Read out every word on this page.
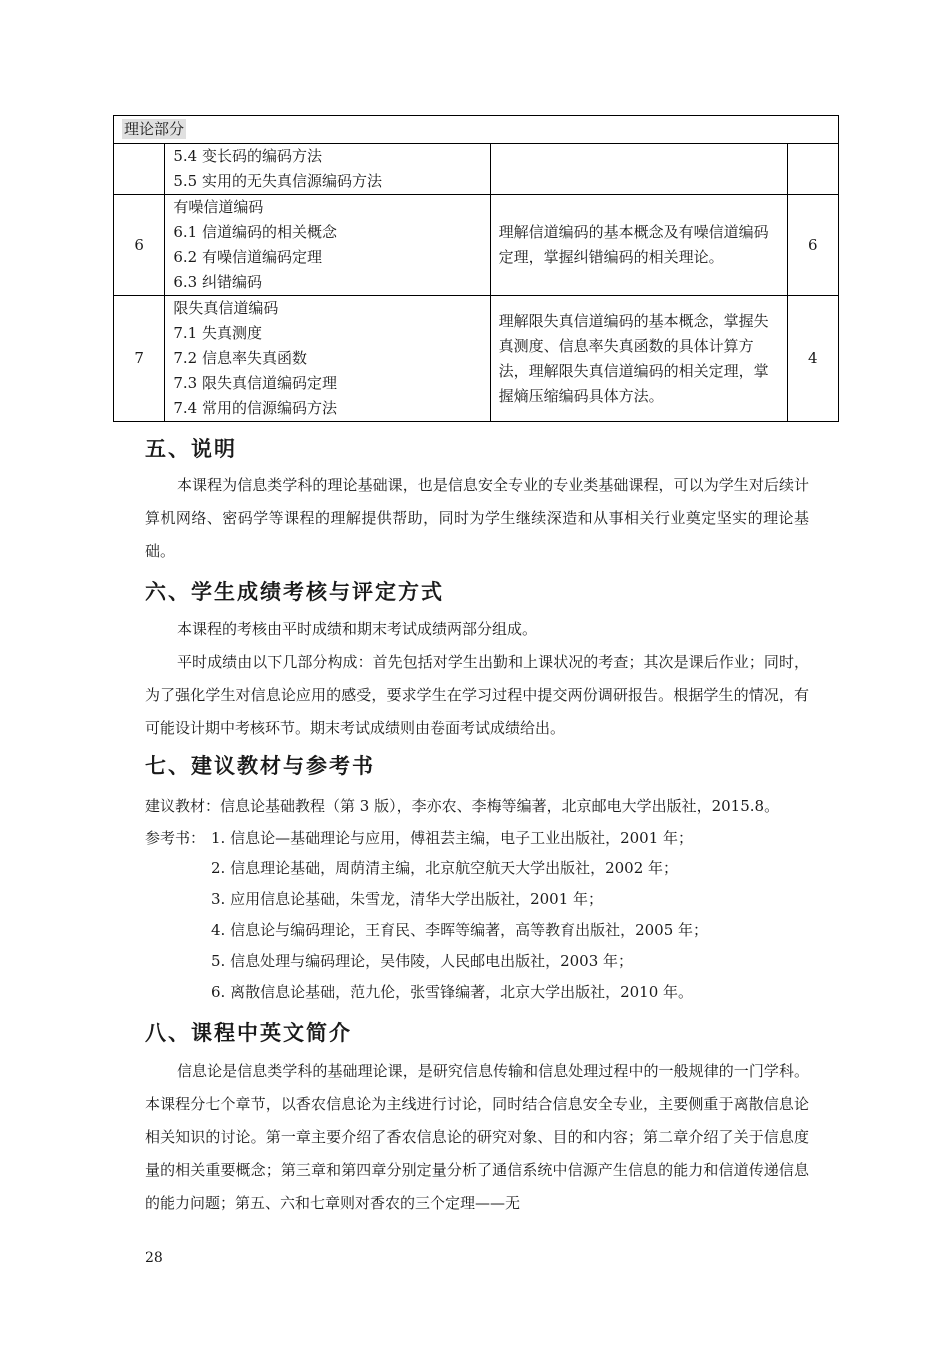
理论部分			

	5.4 变长码的编码方法
5.5 实用的无失真信源编码方法		

6	有噪信道编码
6.1 信道编码的相关概念
6.2 有噪信道编码定理
6.3 纠错编码	理解信道编码的基本概念及有噪信道编码定理，掌握纠错编码的相关理论。	6
7	限失真信道编码
7.1 失真测度
7.2 信息率失真函数
7.3 限失真信道编码定理
7.4 常用的信源编码方法	理解限失真信道编码的基本概念，掌握失真测度、信息率失真函数的具体计算方法，理解限失真信道编码的相关定理，掌握熵压缩编码具体方法。	4
五、说明
本课程为信息类学科的理论基础课，也是信息安全专业的专业类基础课程，可以为学生对后续计算机网络、密码学等课程的理解提供帮助，同时为学生继续深造和从事相关行业奠定坚实的理论基础。
六、学生成绩考核与评定方式
本课程的考核由平时成绩和期末考试成绩两部分组成。
平时成绩由以下几部分构成：首先包括对学生出勤和上课状况的考查；其次是课后作业；同时，为了强化学生对信息论应用的感受，要求学生在学习过程中提交两份调研报告。根据学生的情况，有可能设计期中考核环节。期末考试成绩则由卷面考试成绩给出。
七、建议教材与参考书
建议教材：信息论基础教程（第 3 版），李亦农、李梅等编著，北京邮电大学出版社，2015.8。
参考书： 1. 信息论—基础理论与应用，傅祖芸主编，电子工业出版社，2001 年；
2. 信息理论基础，周荫清主编，北京航空航天大学出版社，2002 年；
3. 应用信息论基础，朱雪龙，清华大学出版社，2001 年；
4. 信息论与编码理论，王育民、李晖等编著，高等教育出版社，2005 年；
5. 信息处理与编码理论，吴伟陵，人民邮电出版社，2003 年；
6. 离散信息论基础，范九伦，张雪锋编著，北京大学出版社，2010 年。
八、课程中英文简介
信息论是信息类学科的基础理论课，是研究信息传输和信息处理过程中的一般规律的一门学科。本课程分七个章节，以香农信息论为主线进行讨论，同时结合信息安全专业，主要侧重于离散信息论相关知识的讨论。第一章主要介绍了香农信息论的研究对象、目的和内容；第二章介绍了关于信息度量的相关重要概念；第三章和第四章分别定量分析了通信系统中信源产生信息的能力和信道传递信息的能力问题；第五、六和七章则对香农的三个定理——无
28
